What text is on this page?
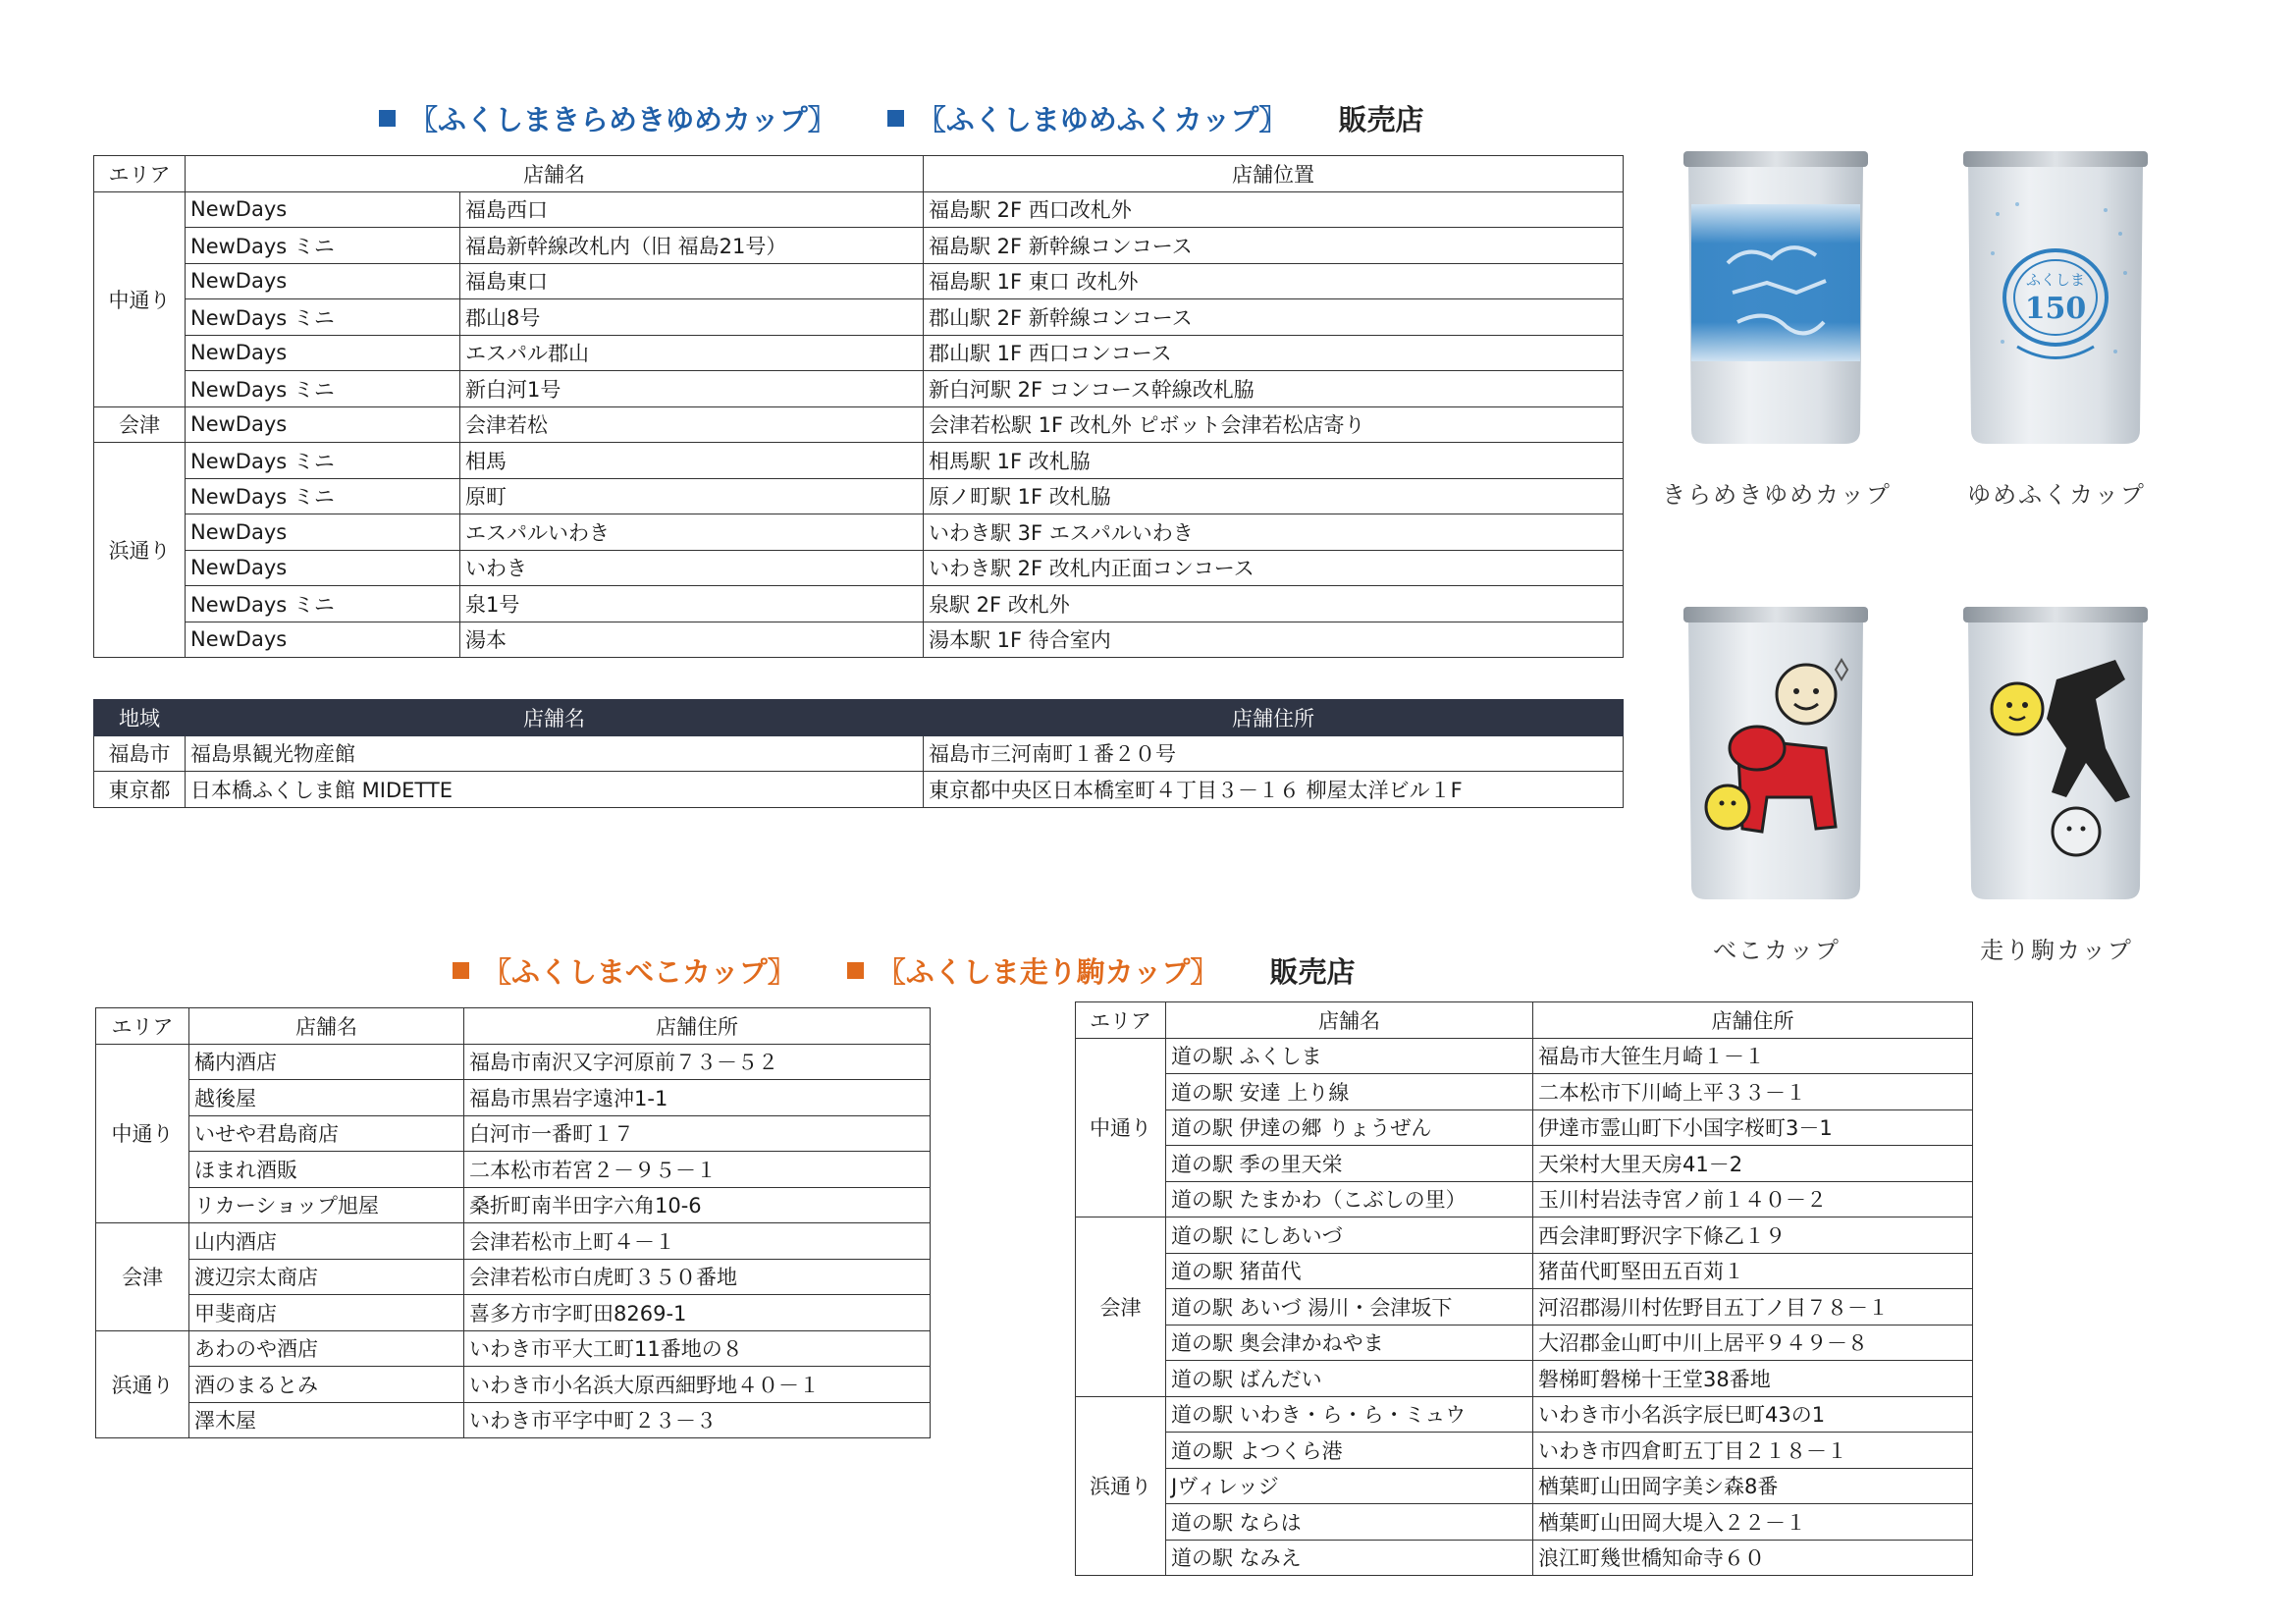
〖ふくしまきらめきゆめカップ〗	〖ふくしまゆめふくカップ〗 販売店
エリア	店舗名		店舗位置
中通り	NewDays	福島西口	福島駅 2F 西口改札外
	NewDays ミニ	福島新幹線改札内（旧 福島21号）	福島駅 2F 新幹線コンコース
	NewDays	福島東口	福島駅 1F 東口 改札外
	NewDays ミニ	郡山8号	郡山駅 2F 新幹線コンコース
	NewDays	エスパル郡山	郡山駅 1F 西口コンコース
	NewDays ミニ	新白河1号	新白河駅 2F コンコース幹線改札脇
会津	NewDays	会津若松	会津若松駅 1F 改札外 ピボット会津若松店寄り
浜通り	NewDays ミニ	相馬	相馬駅 1F 改札脇
	NewDays ミニ	原町	原ノ町駅 1F 改札脇
	NewDays	エスパルいわき	いわき駅 3F エスパルいわき
	NewDays	いわき	いわき駅 2F 改札内正面コンコース
	NewDays ミニ	泉1号	泉駅 2F 改札外
	NewDays	湯本	湯本駅 1F 待合室内
地域	店舗名	店舗住所
福島市	福島県観光物産館	福島市三河南町１番２０号
東京都	日本橋ふくしま館 MIDETTE	東京都中央区日本橋室町４丁目３－１６ 柳屋太洋ビル１F
ふくしま
150
きらめきゆめカップ	ゆめふくカップ
べこカップ	走り駒カップ
〖ふくしまべこカップ〗	〖ふくしま走り駒カップ〗 販売店
エリア	店舗名	店舗住所
中通り	橘内酒店	福島市南沢又字河原前７３－５２
	越後屋	福島市黒岩字遠沖1-1
	いせや君島商店	白河市一番町１７
	ほまれ酒販	二本松市若宮２－９５－１
	リカーショップ旭屋	桑折町南半田字六角10-6
会津	山内酒店	会津若松市上町４－１
	渡辺宗太商店	会津若松市白虎町３５０番地
	甲斐商店	喜多方市字町田8269-1
浜通り	あわのや酒店	いわき市平大工町11番地の８
	酒のまるとみ	いわき市小名浜大原西細野地４０－１
	澤木屋	いわき市平字中町２３－３
エリア	店舗名	店舗住所
中通り	道の駅 ふくしま	福島市大笹生月崎１－１
	道の駅 安達 上り線	二本松市下川崎上平３３－１
	道の駅 伊達の郷 りょうぜん	伊達市霊山町下小国字桜町3－1
	道の駅 季の里天栄	天栄村大里天房41－2
	道の駅 たまかわ（こぶしの里）	玉川村岩法寺宮ノ前１４０－２
会津	道の駅 にしあいづ	西会津町野沢字下條乙１９
	道の駅 猪苗代	猪苗代町堅田五百苅１
	道の駅 あいづ 湯川・会津坂下	河沼郡湯川村佐野目五丁ノ目７８－１
	道の駅 奥会津かねやま	大沼郡金山町中川上居平９４９－８
	道の駅 ばんだい	磐梯町磐梯十王堂38番地
浜通り	道の駅 いわき・ら・ら・ミュウ	いわき市小名浜字辰巳町43の1
	道の駅 よつくら港	いわき市四倉町五丁目２１８－１
	Jヴィレッジ	楢葉町山田岡字美シ森8番
	道の駅 ならは	楢葉町山田岡大堤入２２－１
	道の駅 なみえ	浪江町幾世橋知命寺６０
